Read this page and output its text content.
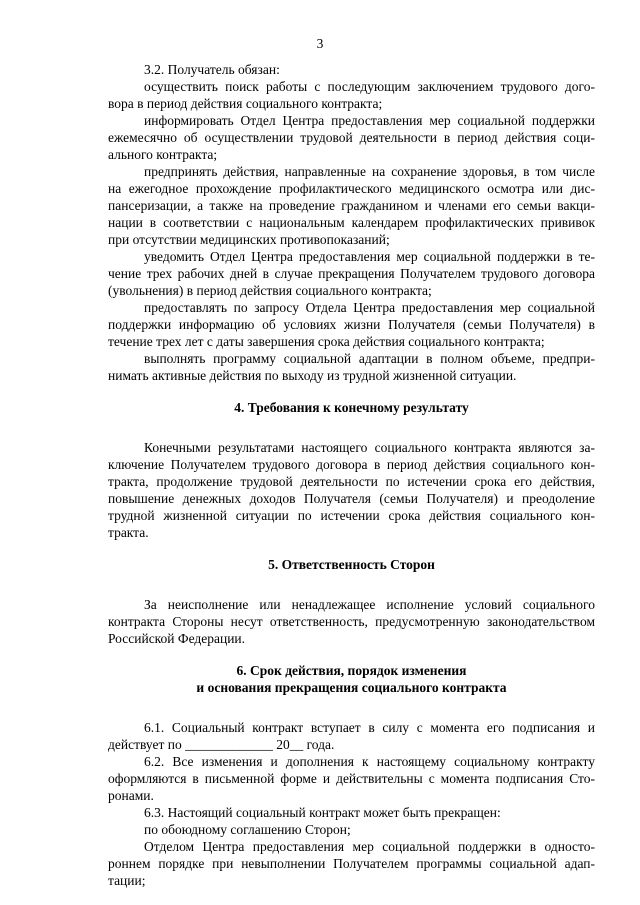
3
3.2. Получатель обязан:
осуществить поиск работы с последующим заключением трудового дого-
вора в период действия социального контракта;
информировать Отдел Центра предоставления мер социальной поддержки
ежемесячно об осуществлении трудовой деятельности в период действия соци-
ального контракта;
предпринять действия, направленные на сохранение здоровья, в том числе
на ежегодное прохождение профилактического медицинского осмотра или дис-
пансеризации, а также на проведение гражданином и членами его семьи вакци-
нации в соответствии с национальным календарем профилактических прививок
при отсутствии медицинских противопоказаний;
уведомить Отдел Центра предоставления мер социальной поддержки в те-
чение трех рабочих дней в случае прекращения Получателем трудового договора
(увольнения) в период действия социального контракта;
предоставлять по запросу Отдела Центра предоставления мер социальной
поддержки информацию об условиях жизни Получателя (семьи Получателя) в
течение трех лет с даты завершения срока действия социального контракта;
выполнять программу социальной адаптации в полном объеме, предпри-
нимать активные действия по выходу из трудной жизненной ситуации.
4. Требования к конечному результату
Конечными результатами настоящего социального контракта являются за-
ключение Получателем трудового договора в период действия социального кон-
тракта, продолжение трудовой деятельности по истечении срока его действия,
повышение денежных доходов Получателя (семьи Получателя) и преодоление
трудной жизненной ситуации по истечении срока действия социального кон-
тракта.
5. Ответственность Сторон
За неисполнение или ненадлежащее исполнение условий социального
контракта Стороны несут ответственность, предусмотренную законодательством
Российской Федерации.
6. Срок действия, порядок изменения
и основания прекращения социального контракта
6.1. Социальный контракт вступает в силу с момента его подписания и
действует по _____________ 20__ года.
6.2. Все изменения и дополнения к настоящему социальному контракту
оформляются в письменной форме и действительны с момента подписания Сто-
ронами.
6.3. Настоящий социальный контракт может быть прекращен:
по обоюдному соглашению Сторон;
Отделом Центра предоставления мер социальной поддержки в односто-
роннем порядке при невыполнении Получателем программы социальной адап-
тации;
